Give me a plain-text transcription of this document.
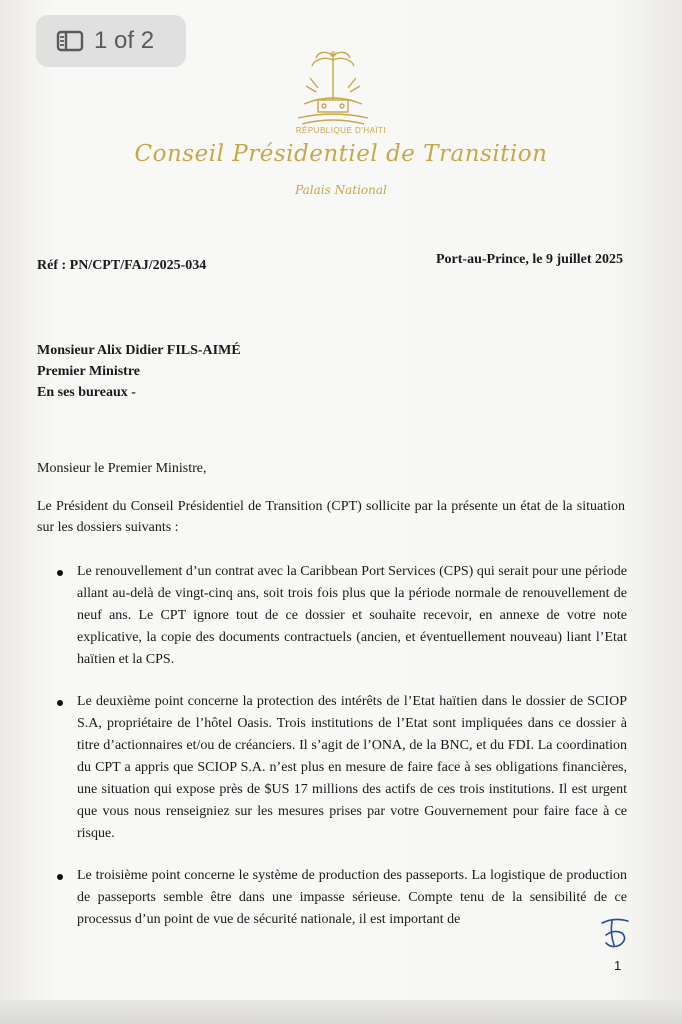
1 of 2
RÉPUBLIQUE D'HAÏTI
Conseil Présidentiel de Transition
Palais National
Réf : PN/CPT/FAJ/2025-034	Port-au-Prince, le 9 juillet 2025
Monsieur Alix Didier FILS-AIMÉ
Premier Ministre
En ses bureaux -
Monsieur le Premier Ministre,
Le Président du Conseil Présidentiel de Transition (CPT) sollicite par la présente un état de la situation sur les dossiers suivants :
Le renouvellement d’un contrat avec la Caribbean Port Services (CPS) qui serait pour une période allant au-delà de vingt-cinq ans, soit trois fois plus que la période normale de renouvellement de neuf ans. Le CPT ignore tout de ce dossier et souhaite recevoir, en annexe de votre note explicative, la copie des documents contractuels (ancien, et éventuellement nouveau) liant l’Etat haïtien et la CPS.
Le deuxième point concerne la protection des intérêts de l’Etat haïtien dans le dossier de SCIOP S.A, propriétaire de l’hôtel Oasis. Trois institutions de l’Etat sont impliquées dans ce dossier à titre d’actionnaires et/ou de créanciers. Il s’agit de l’ONA, de la BNC, et du FDI. La coordination du CPT a appris que SCIOP S.A. n’est plus en mesure de faire face à ses obligations financières, une situation qui expose près de $US 17 millions des actifs de ces trois institutions. Il est urgent que vous nous renseigniez sur les mesures prises par votre Gouvernement pour faire face à ce risque.
Le troisième point concerne le système de production des passeports. La logistique de production de passeports semble être dans une impasse sérieuse. Compte tenu de la sensibilité de ce processus d’un point de vue de sécurité nationale, il est important de
1
